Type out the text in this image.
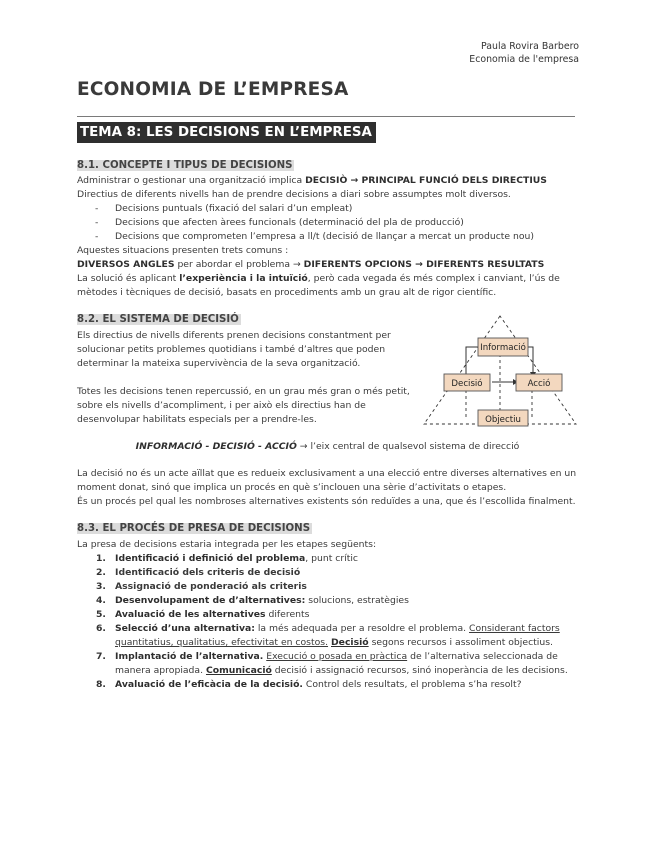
Paula Rovira Barbero
Economia de l'empresa
ECONOMIA DE L’EMPRESA
TEMA 8: LES DECISIONS EN L’EMPRESA
8.1. CONCEPTE I TIPUS DE DECISIONS
Administrar o gestionar una organització implica DECISIÒ → PRINCIPAL FUNCIÓ DELS DIRECTIUS
Directius de diferents nivells han de prendre decisions a diari sobre assumptes molt diversos.
- Decisions puntuals (fixació del salari d’un empleat)
- Decisions que afecten àrees funcionals (determinació del pla de producció)
- Decisions que comprometen l’empresa a ll/t (decisió de llançar a mercat un producte nou)
Aquestes situacions presenten trets comuns :
DIVERSOS ANGLES per abordar el problema → DIFERENTS OPCIONS → DIFERENTS RESULTATS
La solució és aplicant l’experiència i la intuïció, però cada vegada és més complex i canviant, l’ús de
mètodes i tècniques de decisió, basats en procediments amb un grau alt de rigor científic.
8.2. EL SISTEMA DE DECISIÓ
Els directius de nivells diferents prenen decisions constantment per
solucionar petits problemes quotidians i també d’altres que poden
determinar la mateixa supervivència de la seva organització.
Totes les decisions tenen repercussió, en un grau més gran o més petit,
sobre els nivells d’acompliment, i per això els directius han de
desenvolupar habilitats especials per a prendre-les.
Informació
Decisió	Acció
Objectiu
INFORMACIÓ - DECISIÓ - ACCIÓ → l’eix central de qualsevol sistema de direcció
La decisió no és un acte aïllat que es redueix exclusivament a una elecció entre diverses alternatives en un
moment donat, sinó que implica un procés en què s’inclouen una sèrie d’activitats o etapes.
És un procés pel qual les nombroses alternatives existents són reduïdes a una, que és l’escollida finalment.
8.3. EL PROCÉS DE PRESA DE DECISIONS
La presa de decisions estaria integrada per les etapes següents:
1. Identificació i definició del problema, punt crític
2. Identificació dels criteris de decisió
3. Assignació de ponderació als criteris
4. Desenvolupament de d’alternatives: solucions, estratègies
5. Avaluació de les alternatives diferents
6. Selecció d’una alternativa: la més adequada per a resoldre el problema. Considerant factors
quantitatius, qualitatius, efectivitat en costos. Decisió segons recursos i assoliment objectius.
7. Implantació de l’alternativa. Execució o posada en pràctica de l’alternativa seleccionada de
manera apropiada. Comunicació decisió i assignació recursos, sinó inoperància de les decisions.
8. Avaluació de l’eficàcia de la decisió. Control dels resultats, el problema s’ha resolt?
